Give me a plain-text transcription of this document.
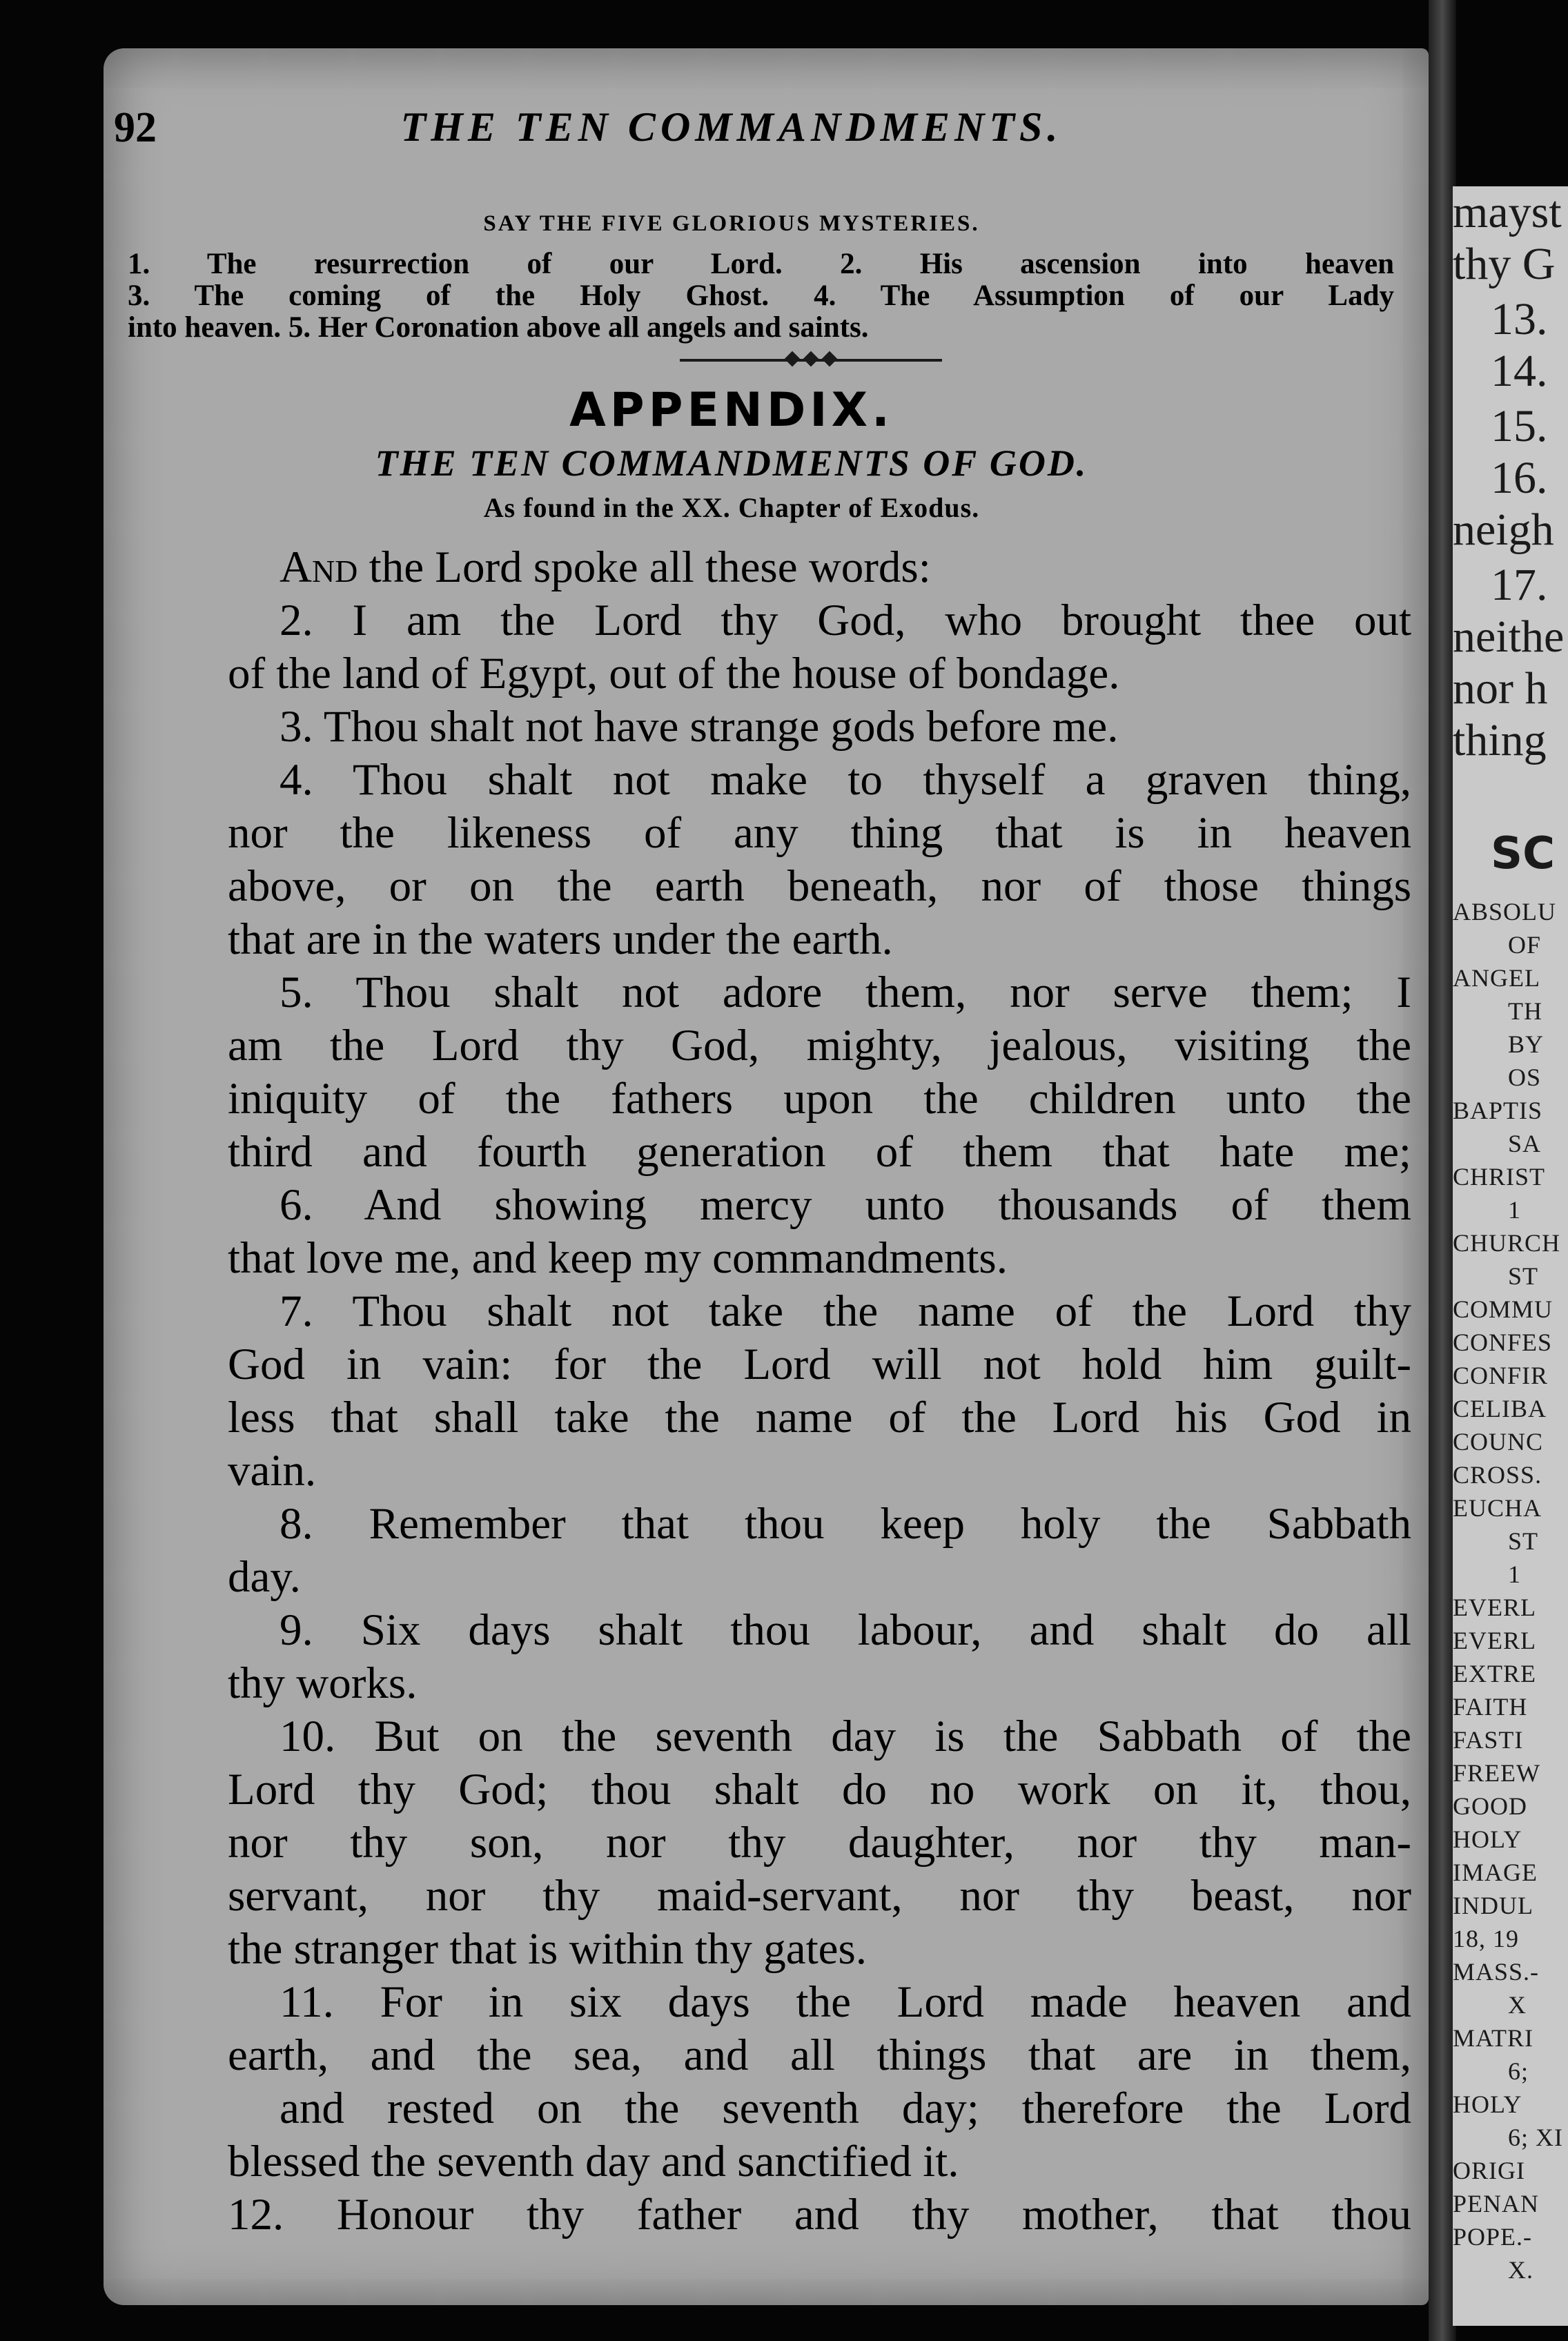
mayst
thy G
13.
14.
15.
16.
neigh
17.
neithe
nor h
thing
SC
ABSOLU
OF
ANGEL
TH
BY
OS
BAPTIS
SA
CHRIST
1
CHURCH
ST
COMMU
CONFES
CONFIR
CELIBA
COUNC
CROSS.
EUCHA
ST
1
EVERL
EVERL
EXTRE
FAITH
FASTI
FREEW
GOOD
HOLY
IMAGE
INDUL
18, 19
MASS.-
X
MATRI
6;
HOLY
6; XI
ORIGI
PENAN
POPE.-
X.
92	THE TEN COMMANDMENTS.
SAY THE FIVE GLORIOUS MYSTERIES.
1. The resurrection of our Lord. 2. His ascension into heaven
3. The coming of the Holy Ghost. 4. The Assumption of our Lady
into heaven. 5. Her Coronation above all angels and saints.
APPENDIX.
THE TEN COMMANDMENTS OF GOD.
As found in the XX. Chapter of Exodus.
And the Lord spoke all these words:
2. I am the Lord thy God, who brought thee out
of the land of Egypt, out of the house of bondage.
3. Thou shalt not have strange gods before me.
4. Thou shalt not make to thyself a graven thing,
nor the likeness of any thing that is in heaven
above, or on the earth beneath, nor of those things
that are in the waters under the earth.
5. Thou shalt not adore them, nor serve them; I
am the Lord thy God, mighty, jealous, visiting the
iniquity of the fathers upon the children unto the
third and fourth generation of them that hate me;
6. And showing mercy unto thousands of them
that love me, and keep my commandments.
7. Thou shalt not take the name of the Lord thy
God in vain: for the Lord will not hold him guilt-
less that shall take the name of the Lord his God in
vain.
8. Remember that thou keep holy the Sabbath
day.
9. Six days shalt thou labour, and shalt do all
thy works.
10. But on the seventh day is the Sabbath of the
Lord thy God; thou shalt do no work on it, thou,
nor thy son, nor thy daughter, nor thy man-
servant, nor thy maid-servant, nor thy beast, nor
the stranger that is within thy gates.
11. For in six days the Lord made heaven and
earth, and the sea, and all things that are in them,
and rested on the seventh day; therefore the Lord
blessed the seventh day and sanctified it.
12. Honour thy father and thy mother, that thou
